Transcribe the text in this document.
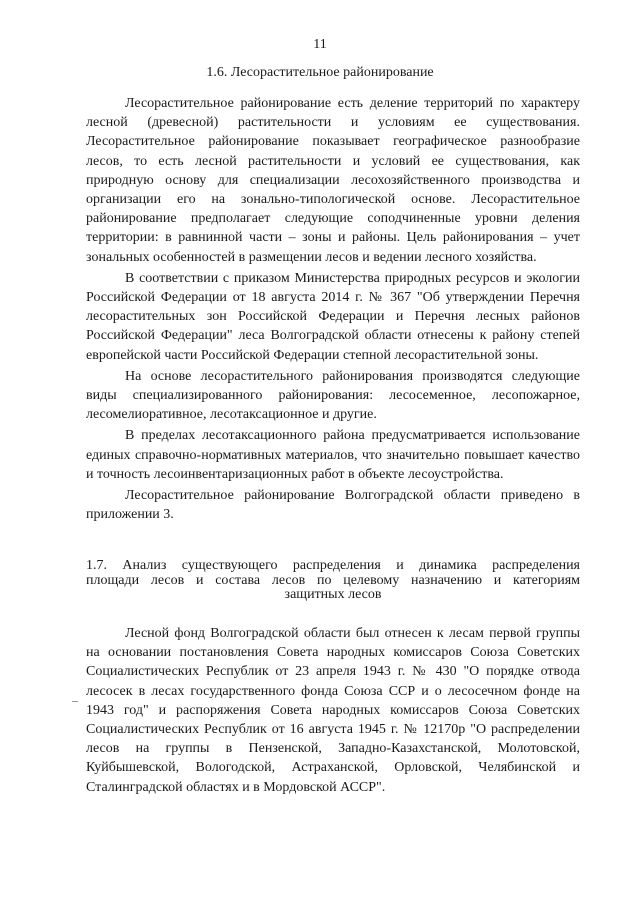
11
1.6. Лесорастительное районирование

Лесорастительное районирование есть деление территорий по характеру лесной (древесной) растительности и условиям ее существования. Лесорастительное районирование показывает географическое разнообразие лесов, то есть лесной растительности и условий ее существования, как природную основу для специализации лесохозяйственного производства и организации его на зонально-типологической основе. Лесорастительное районирование предполагает следующие соподчиненные уровни деления территории: в равнинной части – зоны и районы. Цель районирования – учет зональных особенностей в размещении лесов и ведении лесного хозяйства.

В соответствии с приказом Министерства природных ресурсов и экологии Российской Федерации от 18 августа 2014 г. № 367 "Об утверждении Перечня лесорастительных зон Российской Федерации и Перечня лесных районов Российской Федерации" леса Волгоградской области отнесены к району степей европейской части Российской Федерации степной лесорастительной зоны.

На основе лесорастительного районирования производятся следующие виды специализированного районирования: лесосеменное, лесопожарное, лесомелиоративное, лесотаксационное и другие.

В пределах лесотаксационного района предусматривается использование единых справочно-нормативных материалов, что значительно повышает качество и точность лесоинвентаризационных работ в объекте лесоустройства.

Лесорастительное районирование Волгоградской области приведено в приложении 3.

1.7. Анализ существующего распределения и динамика распределения
площади лесов и состава лесов по целевому назначению и категориям
защитных лесов

Лесной фонд Волгоградской области был отнесен к лесам первой группы на основании постановления Совета народных комиссаров Союза Советских Социалистических Республик от 23 апреля 1943 г. № 430 "О порядке отвода лесосек в лесах государственного фонда Союза ССР и о лесосечном фонде на 1943 год" и распоряжения Совета народных комиссаров Союза Советских Социалистических Республик от 16 августа 1945 г. № 12170р "О распределении лесов на группы в Пензенской, Западно-Казахстанской, Молотовской, Куйбышевской, Вологодской, Астраханской, Орловской, Челябинской и Сталинградской областях и в Мордовской АССР".
